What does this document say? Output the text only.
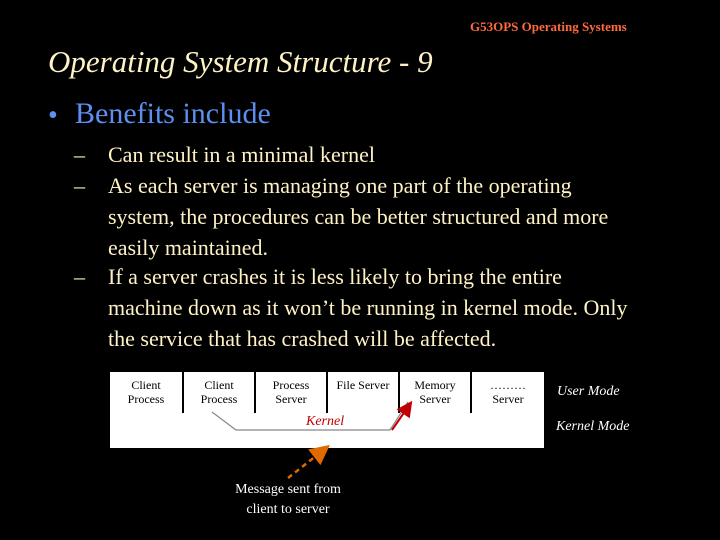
G53OPS Operating Systems
Operating System Structure - 9
• Benefits include
– Can result in a minimal kernel
– As each server is managing one part of the operating
system, the procedures can be better structured and more
easily maintained.
– If a server crashes it is less likely to bring the entire
machine down as it won’t be running in kernel mode. Only
the service that has crashed will be affected.
Client
Process
Client
Process
Process
Server
File Server	Memory
Server
………
Server
Kernel
User Mode
Kernel Mode
Message sent from
client to server
